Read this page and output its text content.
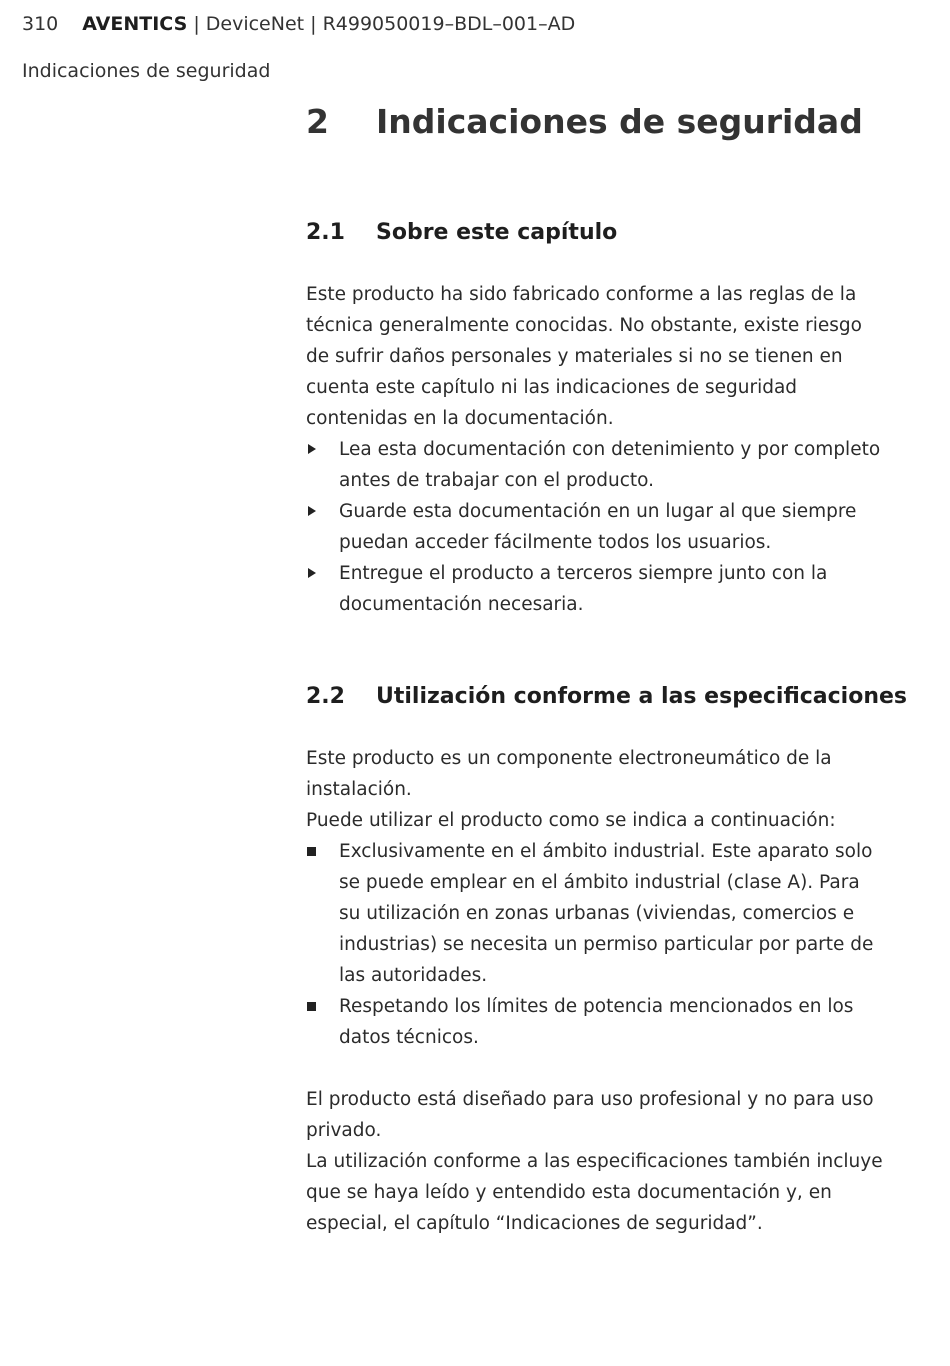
310 AVENTICS | DeviceNet | R499050019–BDL–001–AD
Indicaciones de seguridad
2 Indicaciones de seguridad
2.1 Sobre este capítulo

Este producto ha sido fabricado conforme a las reglas de la técnica generalmente conocidas. No obstante, existe riesgo de sufrir daños personales y materiales si no se tienen en cuenta este capítulo ni las indicaciones de seguridad contenidas en la documentación.

Lea esta documentación con detenimiento y por completo antes de trabajar con el producto.
Guarde esta documentación en un lugar al que siempre puedan acceder fácilmente todos los usuarios.
Entregue el producto a terceros siempre junto con la documentación necesaria.
2.2 Utilización conforme a las especificaciones

Este producto es un componente electroneumático de la instalación.

Puede utilizar el producto como se indica a continuación:

Exclusivamente en el ámbito industrial. Este aparato solo se puede emplear en el ámbito industrial (clase A). Para su utilización en zonas urbanas (viviendas, comercios e industrias) se necesita un permiso particular por parte de las autoridades.
Respetando los límites de potencia mencionados en los datos técnicos.

El producto está diseñado para uso profesional y no para uso privado.

La utilización conforme a las especificaciones también incluye que se haya leído y entendido esta documentación y, en especial, el capítulo “Indicaciones de seguridad”.
